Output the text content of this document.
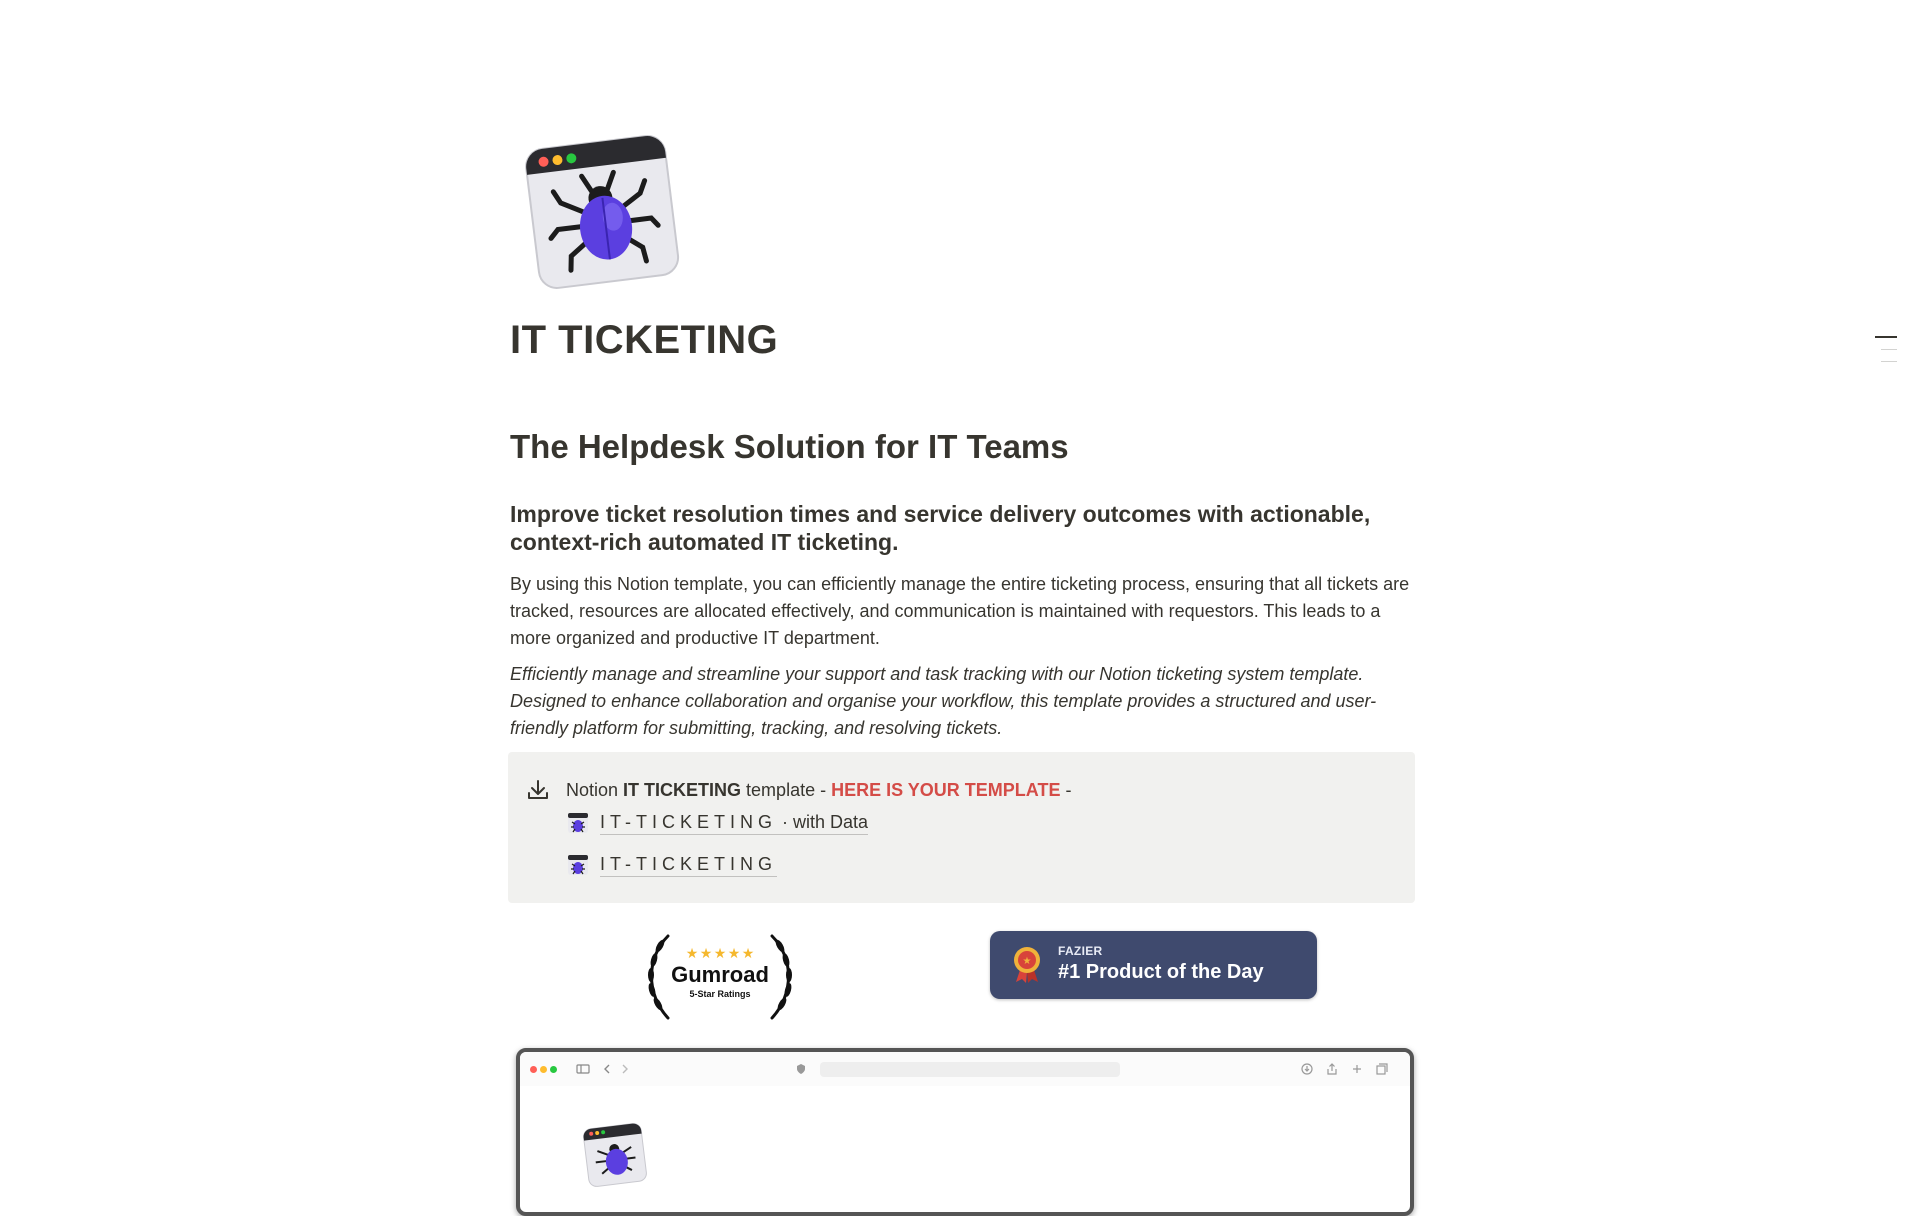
IT TICKETING
The Helpdesk Solution for IT Teams
Improve ticket resolution times and service delivery outcomes with actionable, context-rich automated IT ticketing.

By using this Notion template, you can efficiently manage the entire ticketing process, ensuring that all tickets are tracked, resources are allocated effectively, and communication is maintained with requestors. This leads to a more organized and productive IT department.

Efficiently manage and streamline your support and task tracking with our Notion ticketing system template. Designed to enhance collaboration and organise your workflow, this template provides a structured and user-friendly platform for submitting, tracking, and resolving tickets.

Notion IT TICKETING template - HERE IS YOUR TEMPLATE -
IT-TICKETING · with Data
IT-TICKETING
★ ★ ★ ★ ★
Gumroad
5-Star Ratings
★
FAZIER
#1 Product of the Day
